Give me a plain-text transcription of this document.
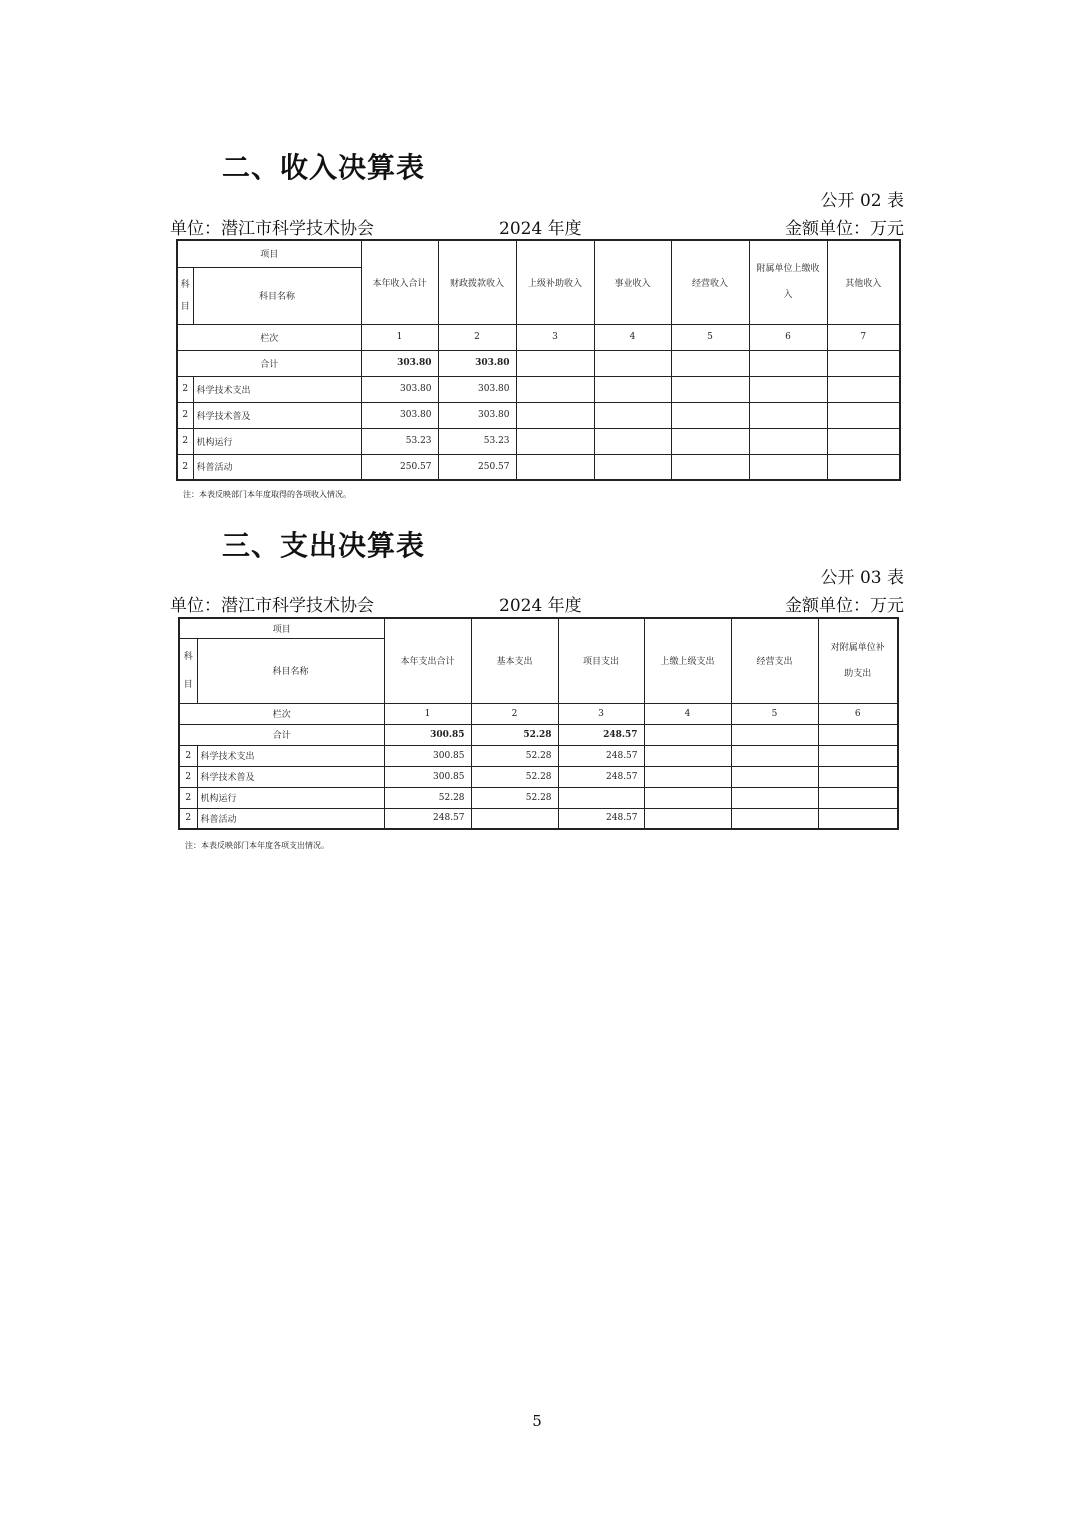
二、收入决算表
公开 02 表
单位：潜江市科学技术协会	2024 年度	金额单位：万元
项目		本年收入合计	财政拨款收入	上级补助收入	事业收入	经营收入	附属单位上缴收入	其他收入
科目	科目名称							
栏次		1	2	3	4	5	6	7
合计		303.80	303.80					
2	科学技术支出	303.80	303.80					
2	科学技术普及	303.80	303.80					
2	机构运行	53.23	53.23					
2	科普活动	250.57	250.57					
注：本表反映部门本年度取得的各项收入情况。
三、支出决算表
公开 03 表
单位：潜江市科学技术协会	2024 年度	金额单位：万元
项目		本年支出合计	基本支出	项目支出	上缴上级支出	经营支出	对附属单位补助支出
科目	科目名称						
栏次		1	2	3	4	5	6
合计		300.85	52.28	248.57			
2	科学技术支出	300.85	52.28	248.57			
2	科学技术普及	300.85	52.28	248.57			
2	机构运行	52.28	52.28				
2	科普活动	248.57		248.57			
注：本表反映部门本年度各项支出情况。
5
